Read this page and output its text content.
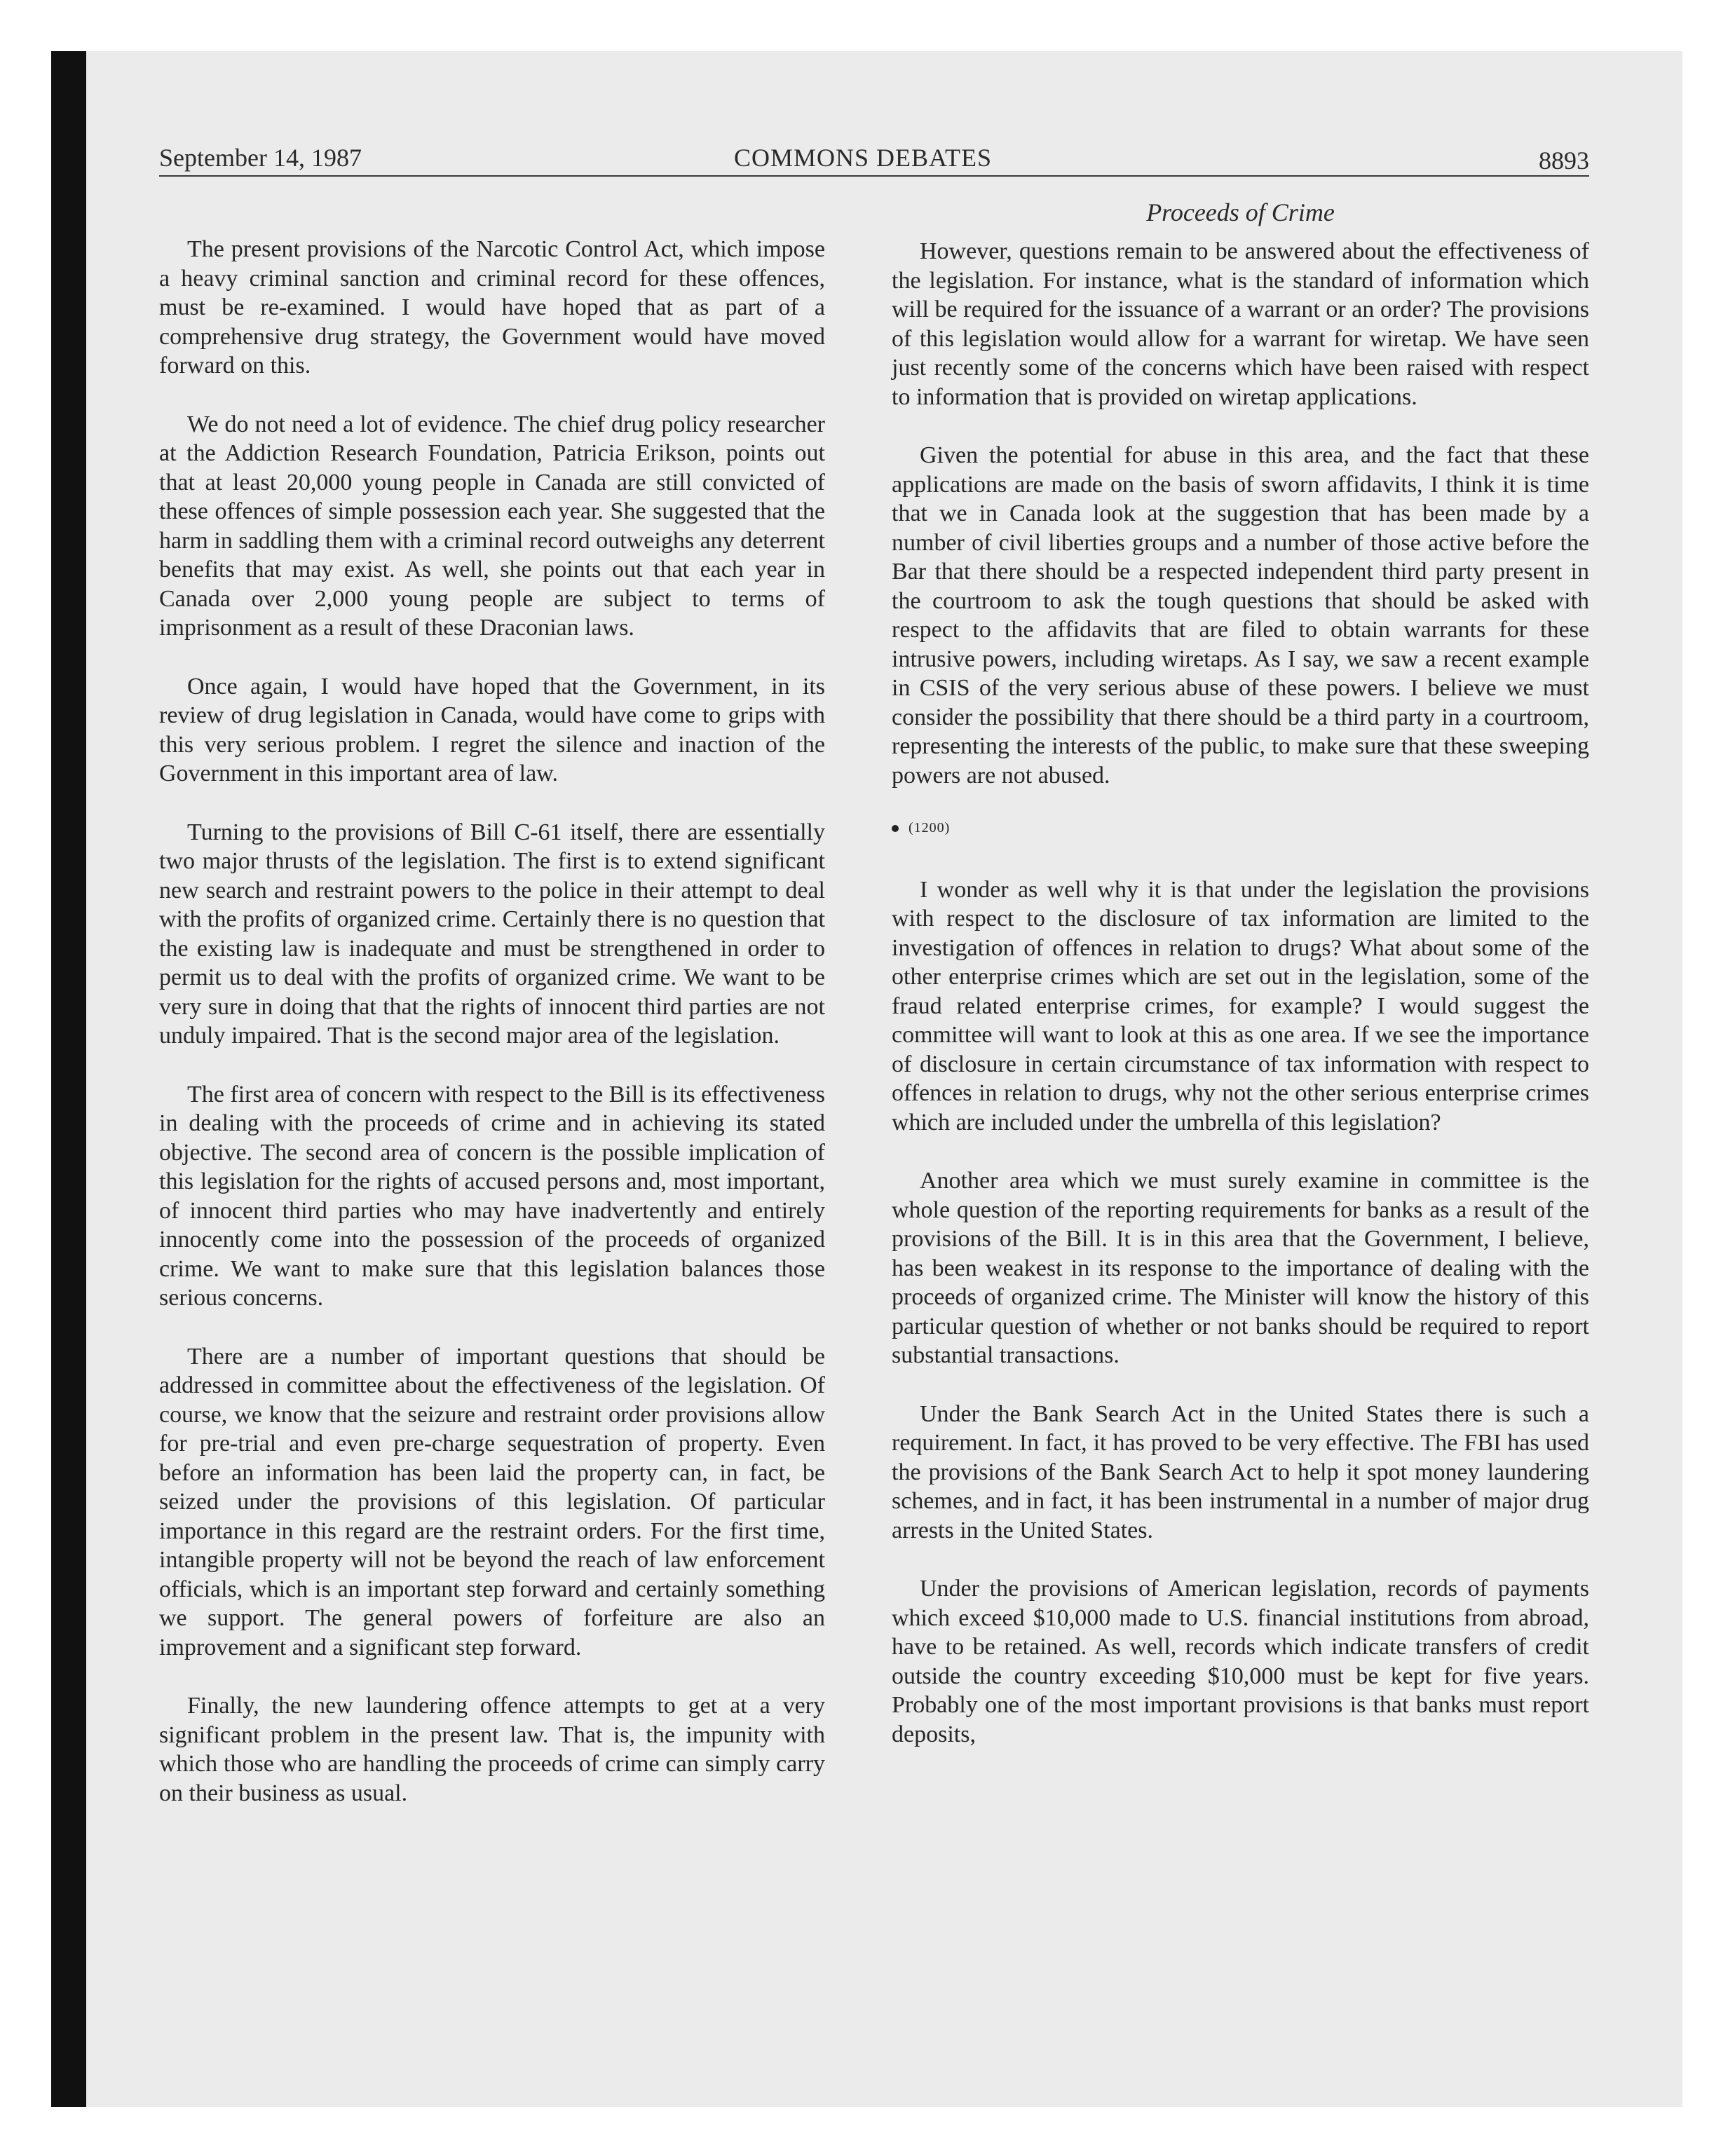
September 14, 1987	COMMONS DEBATES	8893
Proceeds of Crime

The present provisions of the Narcotic Control Act, which impose a heavy criminal sanction and criminal record for these offences, must be re-examined. I would have hoped that as part of a comprehensive drug strategy, the Government would have moved forward on this.

We do not need a lot of evidence. The chief drug policy researcher at the Addiction Research Foundation, Patricia Erikson, points out that at least 20,000 young people in Canada are still convicted of these offences of simple possession each year. She suggested that the harm in saddling them with a criminal record outweighs any deterrent benefits that may exist. As well, she points out that each year in Canada over 2,000 young people are subject to terms of imprisonment as a result of these Draconian laws.

Once again, I would have hoped that the Government, in its review of drug legislation in Canada, would have come to grips with this very serious problem. I regret the silence and inaction of the Government in this important area of law.

Turning to the provisions of Bill C-61 itself, there are essentially two major thrusts of the legislation. The first is to extend significant new search and restraint powers to the police in their attempt to deal with the profits of organized crime. Certainly there is no question that the existing law is inadequate and must be strengthened in order to permit us to deal with the profits of organized crime. We want to be very sure in doing that that the rights of innocent third parties are not unduly impaired. That is the second major area of the legislation.

The first area of concern with respect to the Bill is its effectiveness in dealing with the proceeds of crime and in achieving its stated objective. The second area of concern is the possible implication of this legislation for the rights of accused persons and, most important, of innocent third parties who may have inadvertently and entirely innocently come into the possession of the proceeds of organized crime. We want to make sure that this legislation balances those serious concerns.

There are a number of important questions that should be addressed in committee about the effectiveness of the legislation. Of course, we know that the seizure and restraint order provisions allow for pre-trial and even pre-charge sequestration of property. Even before an information has been laid the property can, in fact, be seized under the provisions of this legislation. Of particular importance in this regard are the restraint orders. For the first time, intangible property will not be beyond the reach of law enforcement officials, which is an important step forward and certainly something we support. The general powers of forfeiture are also an improvement and a significant step forward.

Finally, the new laundering offence attempts to get at a very significant problem in the present law. That is, the impunity with which those who are handling the proceeds of crime can simply carry on their business as usual.

However, questions remain to be answered about the effectiveness of the legislation. For instance, what is the standard of information which will be required for the issuance of a warrant or an order? The provisions of this legislation would allow for a warrant for wiretap. We have seen just recently some of the concerns which have been raised with respect to information that is provided on wiretap applications.

Given the potential for abuse in this area, and the fact that these applications are made on the basis of sworn affidavits, I think it is time that we in Canada look at the suggestion that has been made by a number of civil liberties groups and a number of those active before the Bar that there should be a respected independent third party present in the courtroom to ask the tough questions that should be asked with respect to the affidavits that are filed to obtain warrants for these intrusive powers, including wiretaps. As I say, we saw a recent example in CSIS of the very serious abuse of these powers. I believe we must consider the possibility that there should be a third party in a courtroom, representing the interests of the public, to make sure that these sweeping powers are not abused.

(1200)

I wonder as well why it is that under the legislation the provisions with respect to the disclosure of tax information are limited to the investigation of offences in relation to drugs? What about some of the other enterprise crimes which are set out in the legislation, some of the fraud related enterprise crimes, for example? I would suggest the committee will want to look at this as one area. If we see the importance of disclosure in certain circumstance of tax information with respect to offences in relation to drugs, why not the other serious enterprise crimes which are included under the umbrella of this legislation?

Another area which we must surely examine in committee is the whole question of the reporting requirements for banks as a result of the provisions of the Bill. It is in this area that the Government, I believe, has been weakest in its response to the importance of dealing with the proceeds of organized crime. The Minister will know the history of this particular question of whether or not banks should be required to report substantial transactions.

Under the Bank Search Act in the United States there is such a requirement. In fact, it has proved to be very effective. The FBI has used the provisions of the Bank Search Act to help it spot money laundering schemes, and in fact, it has been instrumental in a number of major drug arrests in the United States.

Under the provisions of American legislation, records of payments which exceed $10,000 made to U.S. financial institutions from abroad, have to be retained. As well, records which indicate transfers of credit outside the country exceeding $10,000 must be kept for five years. Probably one of the most important provisions is that banks must report deposits,
